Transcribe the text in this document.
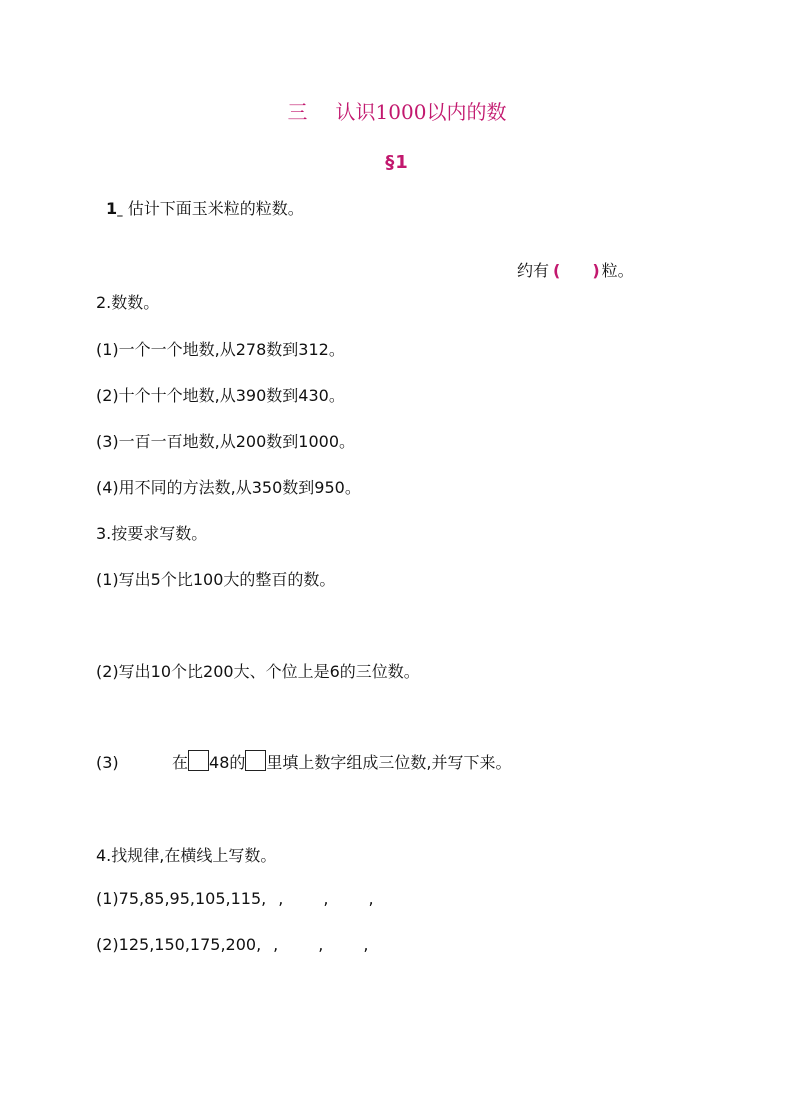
三 认识1000以内的数
§1
1_ 估计下面玉米粒的粒数。
约有 ( ) 粒。
2.数数。
(1)一个一个地数,从278数到312。
(2)十个十个地数,从390数到430。
(3)一百一百地数,从200数到1000。
(4)用不同的方法数,从350数到950。
3.按要求写数。
(1)写出5个比100大的整百的数。
(2)写出10个比200大、个位上是6的三位数。
(3)	在 48的 里填上数字组成三位数,并写下来。
4.找规律,在横线上写数。
(1)75,85,95,105,115, ,	,	,
(2)125,150,175,200, ,	,	,
